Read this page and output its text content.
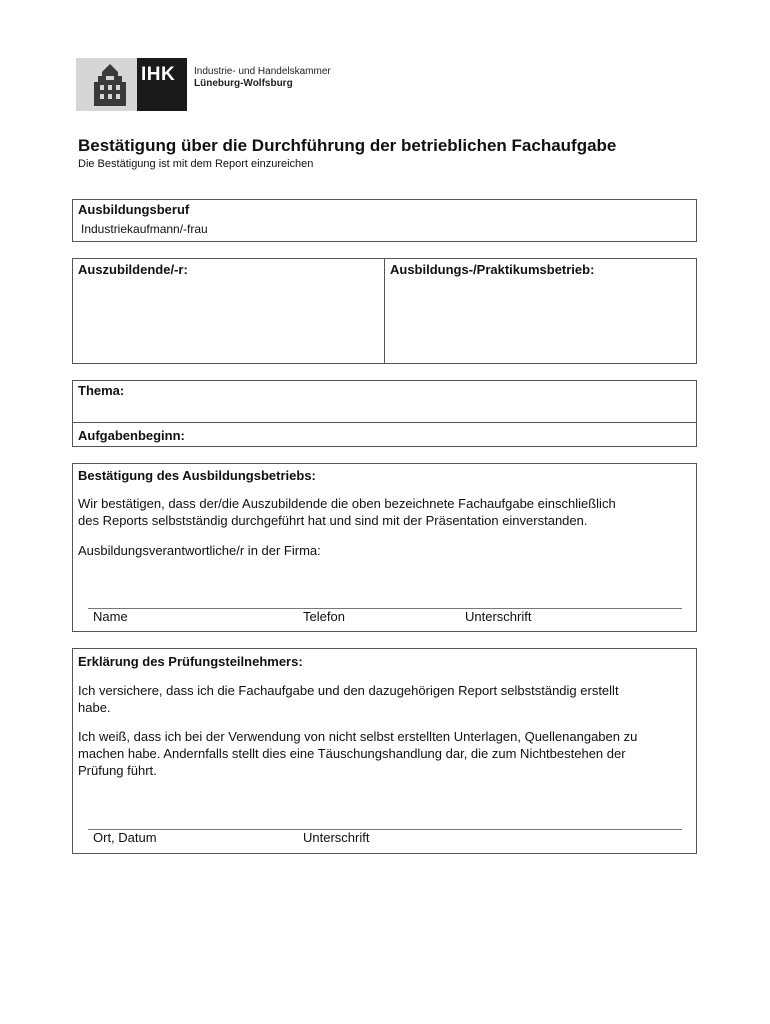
IHK Industrie- und Handelskammer
Lüneburg-Wolfsburg
Bestätigung über die Durchführung der betrieblichen Fachaufgabe
Die Bestätigung ist mit dem Report einzureichen
Ausbildungsberuf
Industriekaufmann/-frau
Auszubildende/-r:	Ausbildungs-/Praktikumsbetrieb:
Thema:
Aufgabenbeginn:
Bestätigung des Ausbildungsbetriebs:
Wir bestätigen, dass der/die Auszubildende die oben bezeichnete Fachaufgabe einschließlich
des Reports selbstständig durchgeführt hat und sind mit der Präsentation einverstanden.
Ausbildungsverantwortliche/r in der Firma:
Name	Telefon	Unterschrift
Erklärung des Prüfungsteilnehmers:
Ich versichere, dass ich die Fachaufgabe und den dazugehörigen Report selbstständig erstellt
habe.
Ich weiß, dass ich bei der Verwendung von nicht selbst erstellten Unterlagen, Quellenangaben zu
machen habe. Andernfalls stellt dies eine Täuschungshandlung dar, die zum Nichtbestehen der
Prüfung führt.
Ort, Datum	Unterschrift
